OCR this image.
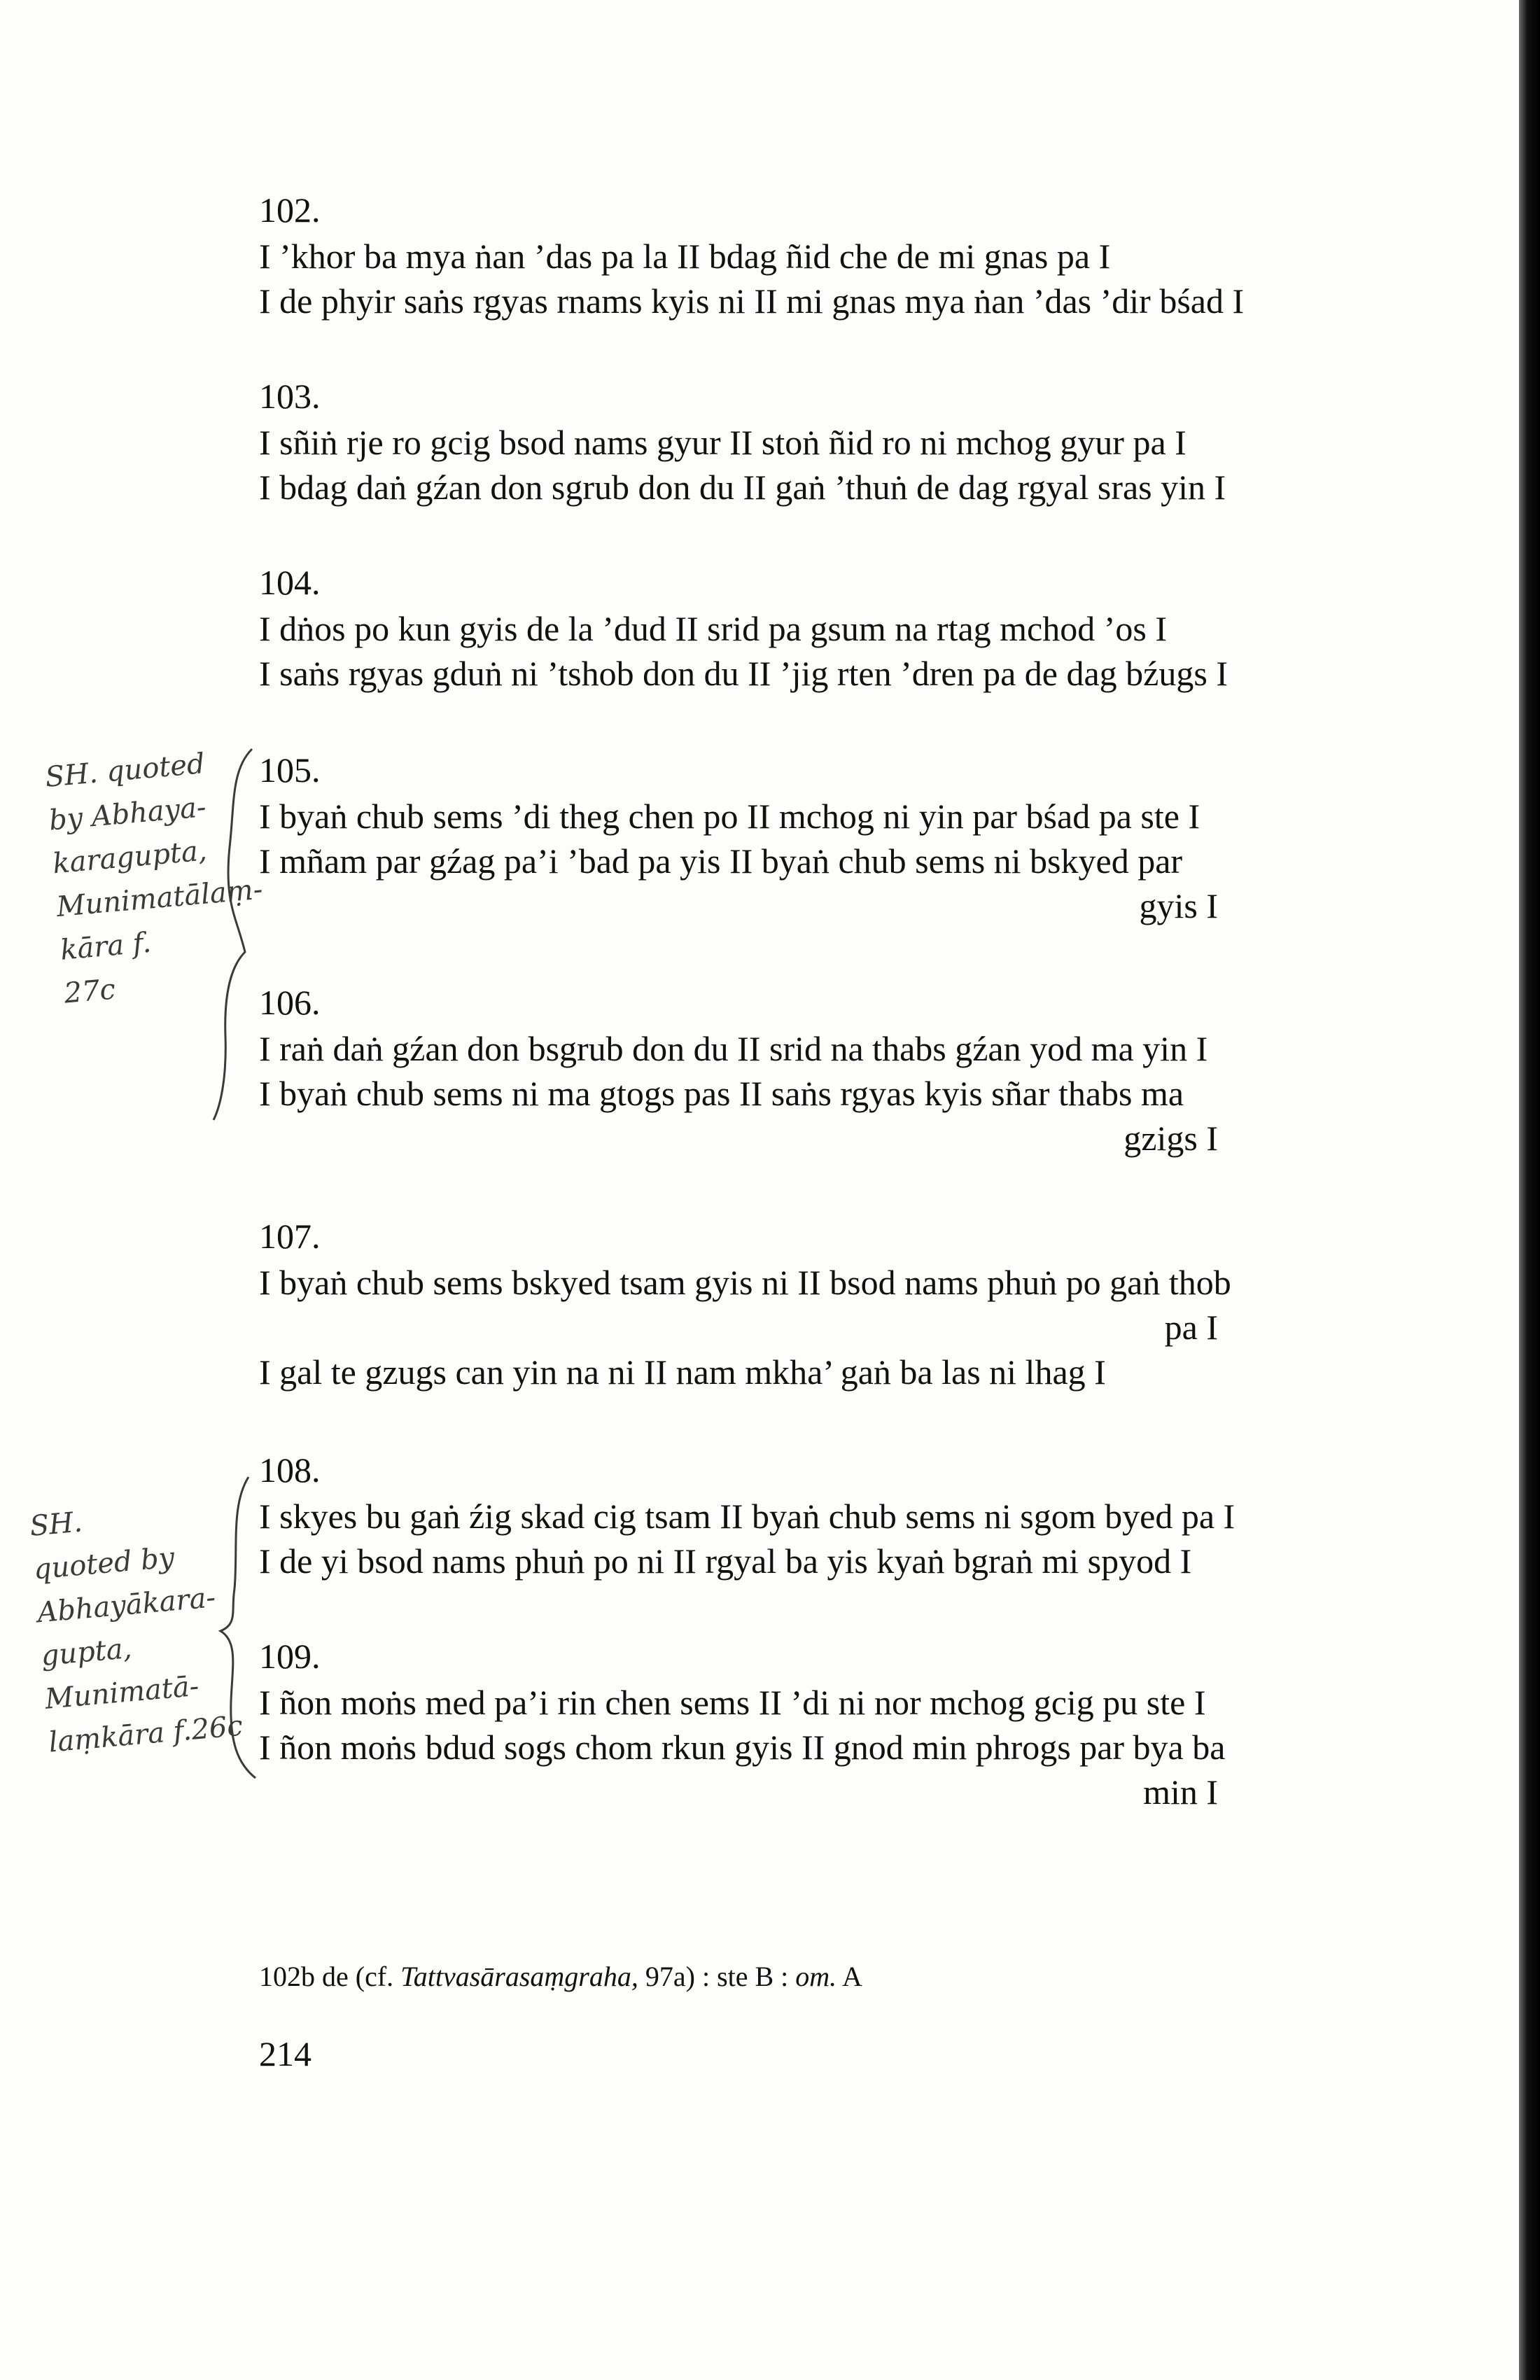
102.
I ’khor ba mya ṅan ’das pa la II bdag ñid che de mi gnas pa I
I de phyir saṅs rgyas rnams kyis ni II mi gnas mya ṅan ’das ’dir bśad I
103.
I sñiṅ rje ro gcig bsod nams gyur II stoṅ ñid ro ni mchog gyur pa I
I bdag daṅ gźan don sgrub don du II gaṅ ’thuṅ de dag rgyal sras yin I
104.
I dṅos po kun gyis de la ’dud II srid pa gsum na rtag mchod ’os I
I saṅs rgyas gduṅ ni ’tshob don du II ’jig rten ’dren pa de dag bźugs I
105.
I byaṅ chub sems ’di theg chen po II mchog ni yin par bśad pa ste I
I mñam par gźag pa’i ’bad pa yis II byaṅ chub sems ni bskyed par
gyis I
106.
I raṅ daṅ gźan don bsgrub don du II srid na thabs gźan yod ma yin I
I byaṅ chub sems ni ma gtogs pas II saṅs rgyas kyis sñar thabs ma
gzigs I
107.
I byaṅ chub sems bskyed tsam gyis ni II bsod nams phuṅ po gaṅ thob
pa I
I gal te gzugs can yin na ni II nam mkha’ gaṅ ba las ni lhag I
108.
I skyes bu gaṅ źig skad cig tsam II byaṅ chub sems ni sgom byed pa I
I de yi bsod nams phuṅ po ni II rgyal ba yis kyaṅ bgraṅ mi spyod I
109.
I ñon moṅs med pa’i rin chen sems II ’di ni nor mchog gcig pu ste I
I ñon moṅs bdud sogs chom rkun gyis II gnod min phrogs par bya ba
min I
102b de (cf. Tattvasārasaṃgraha, 97a) : ste B : om. A
214
SH. quoted
by Abhaya-
karagupta,
Munimatālaṃ-
kāra f.
27c
SH.
quoted by
Abhayākara-
gupta,
Munimatā-
laṃkāra f.26c
